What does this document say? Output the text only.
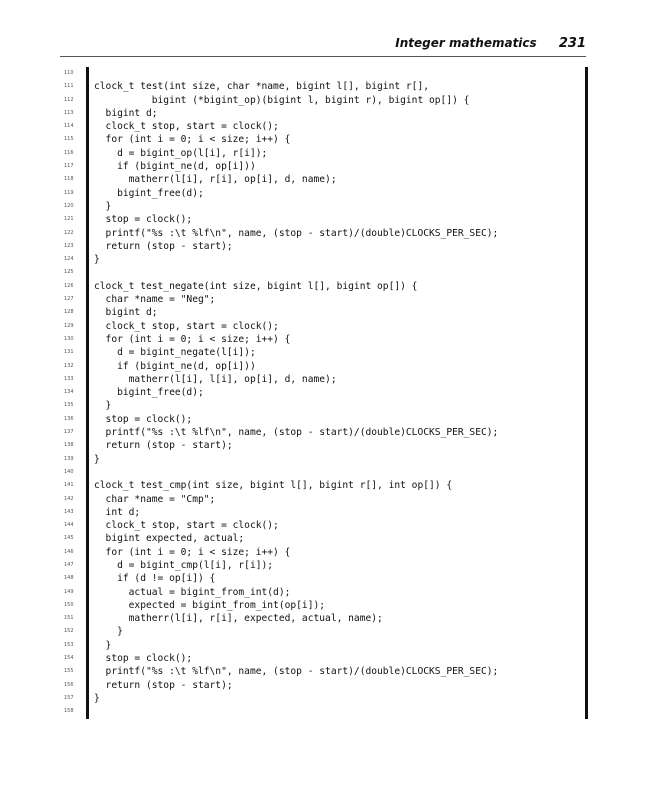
Integer mathematics 231
110
111	clock_t test(int size, char *name, bigint l[], bigint r[],
112	bigint (*bigint_op)(bigint l, bigint r), bigint op[]) {
113	bigint d;
114	clock_t stop, start = clock();
115	for (int i = 0; i < size; i++) {
116	d = bigint_op(l[i], r[i]);
117	if (bigint_ne(d, op[i]))
118	matherr(l[i], r[i], op[i], d, name);
119	bigint_free(d);
120	}
121	stop = clock();
122	printf("%s :\t %lf\n", name, (stop - start)/(double)CLOCKS_PER_SEC);
123	return (stop - start);
124	}
125
126	clock_t test_negate(int size, bigint l[], bigint op[]) {
127	char *name = "Neg";
128	bigint d;
129	clock_t stop, start = clock();
130	for (int i = 0; i < size; i++) {
131	d = bigint_negate(l[i]);
132	if (bigint_ne(d, op[i]))
133	matherr(l[i], l[i], op[i], d, name);
134	bigint_free(d);
135	}
136	stop = clock();
137	printf("%s :\t %lf\n", name, (stop - start)/(double)CLOCKS_PER_SEC);
138	return (stop - start);
139	}
140
141	clock_t test_cmp(int size, bigint l[], bigint r[], int op[]) {
142	char *name = "Cmp";
143	int d;
144	clock_t stop, start = clock();
145	bigint expected, actual;
146	for (int i = 0; i < size; i++) {
147	d = bigint_cmp(l[i], r[i]);
148	if (d != op[i]) {
149	actual = bigint_from_int(d);
150	expected = bigint_from_int(op[i]);
151	matherr(l[i], r[i], expected, actual, name);
152	}
153	}
154	stop = clock();
155	printf("%s :\t %lf\n", name, (stop - start)/(double)CLOCKS_PER_SEC);
156	return (stop - start);
157	}
158
